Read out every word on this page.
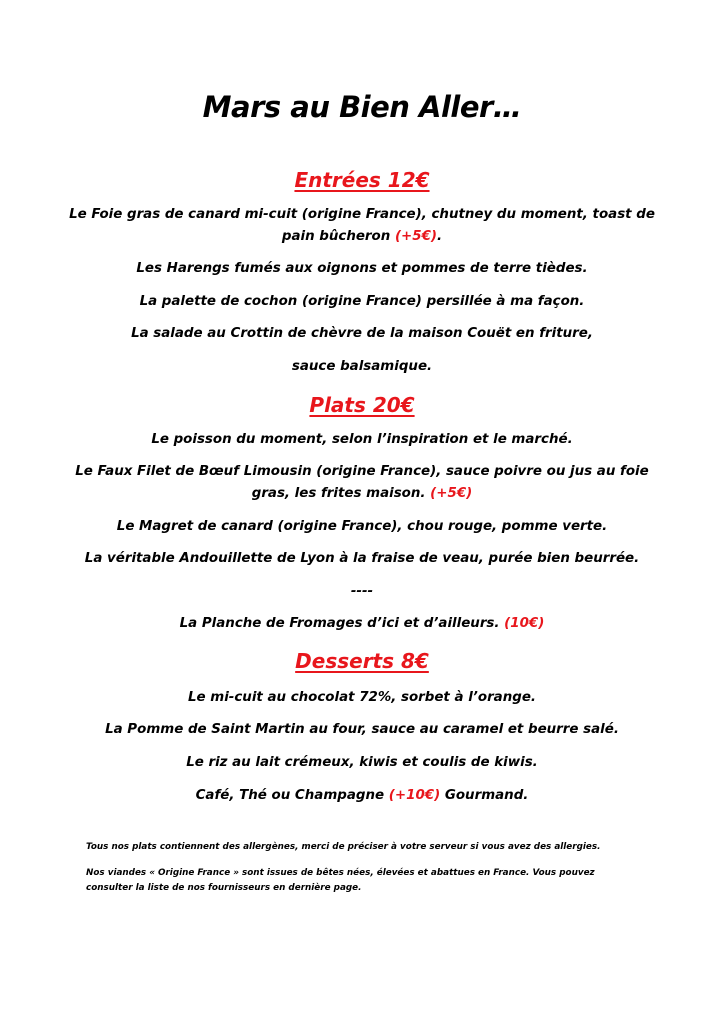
Mars au Bien Aller…
Entrées 12€
Le Foie gras de canard mi-cuit (origine France), chutney du moment, toast de
pain bûcheron (+5€).
Les Harengs fumés aux oignons et pommes de terre tièdes.
La palette de cochon (origine France) persillée à ma façon.
La salade au Crottin de chèvre de la maison Couët en friture,
sauce balsamique.
Plats 20€
Le poisson du moment, selon l’inspiration et le marché.
Le Faux Filet de Bœuf Limousin (origine France), sauce poivre ou jus au foie
gras, les frites maison. (+5€)
Le Magret de canard (origine France), chou rouge, pomme verte.
La véritable Andouillette de Lyon à la fraise de veau, purée bien beurrée.
----
La Planche de Fromages d’ici et d’ailleurs. (10€)
Desserts 8€
Le mi-cuit au chocolat 72%, sorbet à l’orange.
La Pomme de Saint Martin au four, sauce au caramel et beurre salé.
Le riz au lait crémeux, kiwis et coulis de kiwis.
Café, Thé ou Champagne (+10€) Gourmand.
Tous nos plats contiennent des allergènes, merci de préciser à votre serveur si vous avez des allergies.
Nos viandes « Origine France » sont issues de bêtes nées, élevées et abattues en France. Vous pouvez
consulter la liste de nos fournisseurs en dernière page.
